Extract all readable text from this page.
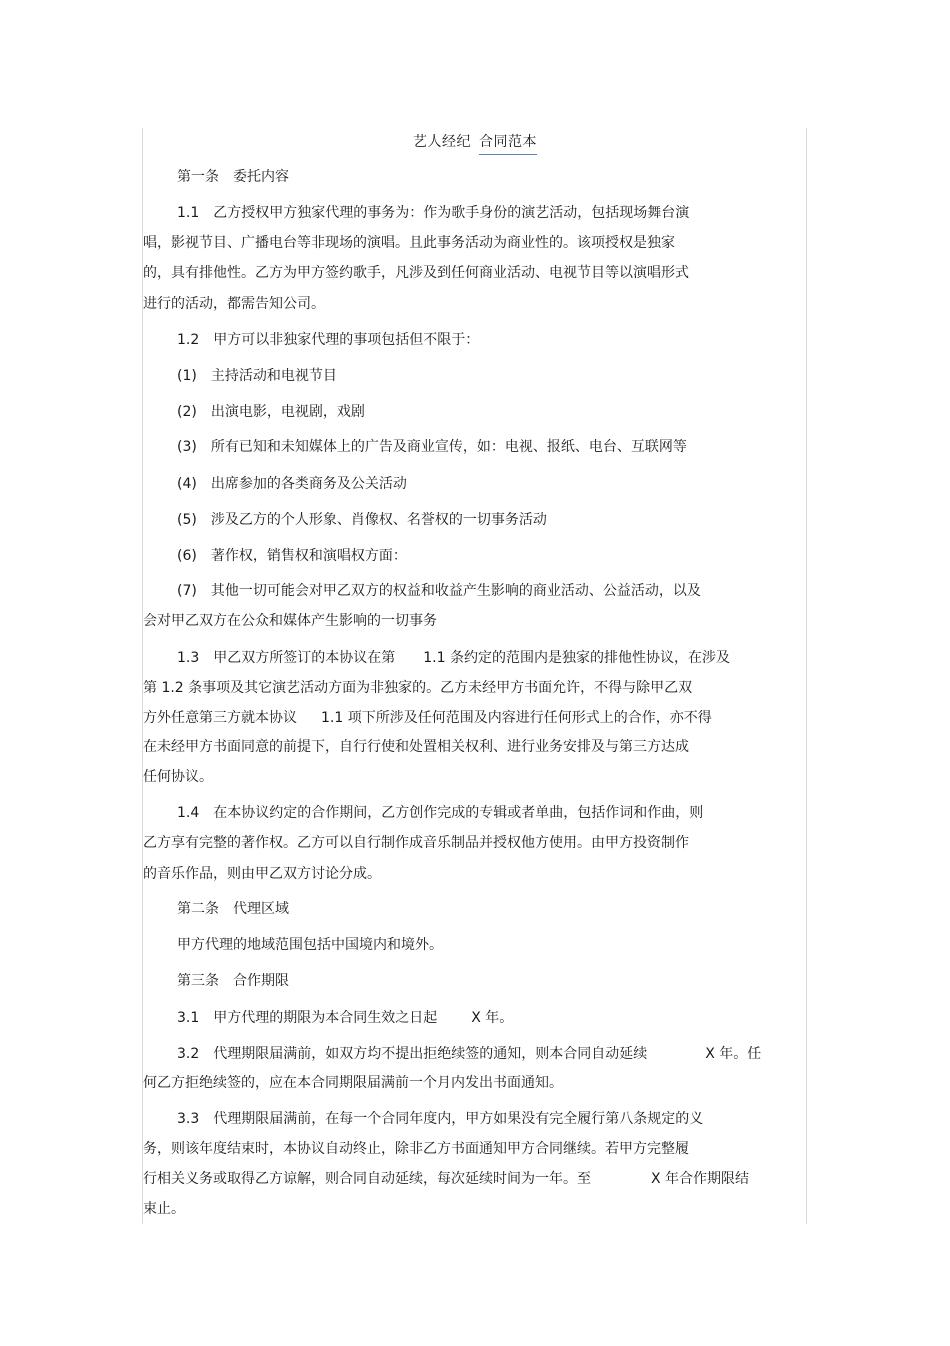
艺人经纪 合同范本
第一条　委托内容
1.1　乙方授权甲方独家代理的事务为：作为歌手身份的演艺活动，包括现场舞台演
唱，影视节目、广播电台等非现场的演唱。且此事务活动为商业性的。该项授权是独家
的，具有排他性。乙方为甲方签约歌手，凡涉及到任何商业活动、电视节目等以演唱形式
进行的活动，都需告知公司。
1.2　甲方可以非独家代理的事项包括但不限于：
(1)　主持活动和电视节目
(2)　出演电影，电视剧，戏剧
(3)　所有已知和未知媒体上的广告及商业宣传，如：电视、报纸、电台、互联网等
(4)　出席参加的各类商务及公关活动
(5)　涉及乙方的个人形象、肖像权、名誉权的一切事务活动
(6)　著作权，销售权和演唱权方面：
(7)　其他一切可能会对甲乙双方的权益和收益产生影响的商业活动、公益活动，以及
会对甲乙双方在公众和媒体产生影响的一切事务
1.3　甲乙双方所签订的本协议在第 1.1 条约定的范围内是独家的排他性协议，在涉及
第 1.2 条事项及其它演艺活动方面为非独家的。乙方未经甲方书面允许，不得与除甲乙双
方外任意第三方就本协议 1.1 项下所涉及任何范围及内容进行任何形式上的合作，亦不得
在未经甲方书面同意的前提下，自行行使和处置相关权利、进行业务安排及与第三方达成
任何协议。
1.4　在本协议约定的合作期间，乙方创作完成的专辑或者单曲，包括作词和作曲，则
乙方享有完整的著作权。乙方可以自行制作成音乐制品并授权他方使用。由甲方投资制作
的音乐作品，则由甲乙双方讨论分成。
第二条　代理区域
甲方代理的地域范围包括中国境内和境外。
第三条　合作期限
3.1　甲方代理的期限为本合同生效之日起 X 年。
3.2　代理期限届满前，如双方均不提出拒绝续签的通知，则本合同自动延续	X 年。任
何乙方拒绝续签的，应在本合同期限届满前一个月内发出书面通知。
3.3　代理期限届满前，在每一个合同年度内，甲方如果没有完全履行第八条规定的义
务，则该年度结束时，本协议自动终止，除非乙方书面通知甲方合同继续。若甲方完整履
行相关义务或取得乙方谅解，则合同自动延续，每次延续时间为一年。至	X 年合作期限结
束止。
